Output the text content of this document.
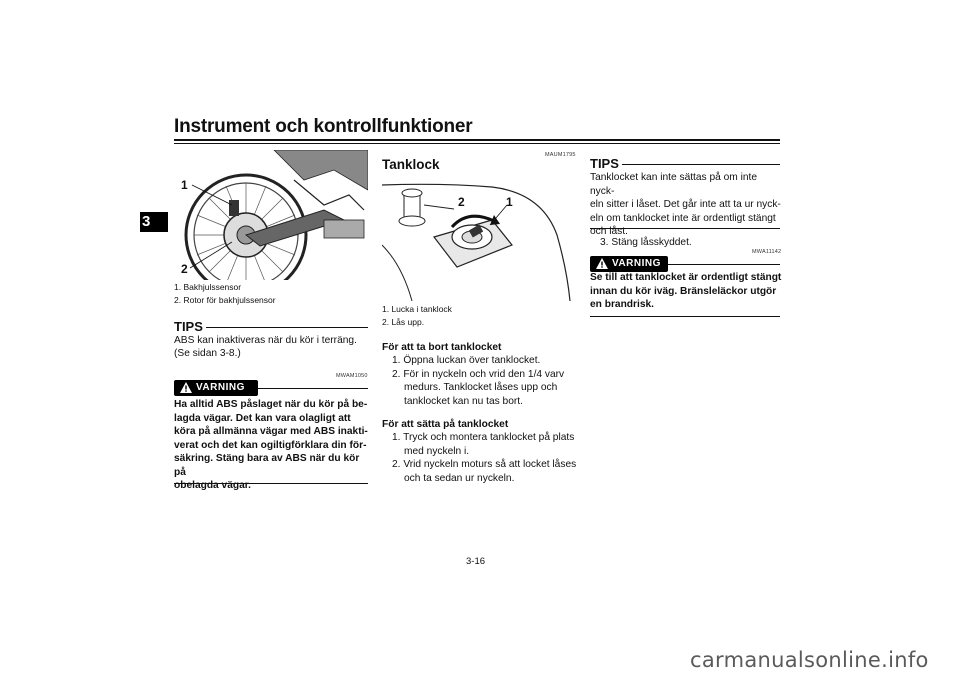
Instrument och kontrollfunktioner
3
1
2
1. Bakhjulssensor
2. Rotor för bakhjulssensor
TIPS
ABS kan inaktiveras när du kör i terräng.
(Se sidan 3-8.)
MWAM1050
VARNING
Ha alltid ABS påslaget när du kör på be-
lagda vägar. Det kan vara olagligt att
köra på allmänna vägar med ABS inakti-
verat och det kan ogiltigförklara din för-
säkring. Stäng bara av ABS när du kör på
obelagda vägar.
MAUM1795
Tanklock
2	1
1. Lucka i tanklock
2. Lås upp.
För att ta bort tanklocket
1. Öppna luckan över tanklocket.
2. För in nyckeln och vrid den 1/4 varv
medurs. Tanklocket låses upp och
tanklocket kan nu tas bort.
För att sätta på tanklocket
1. Tryck och montera tanklocket på plats
med nyckeln i.
2. Vrid nyckeln moturs så att locket låses
och ta sedan ur nyckeln.
TIPS
Tanklocket kan inte sättas på om inte nyck-
eln sitter i låset. Det går inte att ta ur nyck-
eln om tanklocket inte är ordentligt stängt
och låst.
3. Stäng låsskyddet.
MWA11142
VARNING
Se till att tanklocket är ordentligt stängt
innan du kör iväg. Bränsleläckor utgör
en brandrisk.
3-16
carmanualsonline.info
